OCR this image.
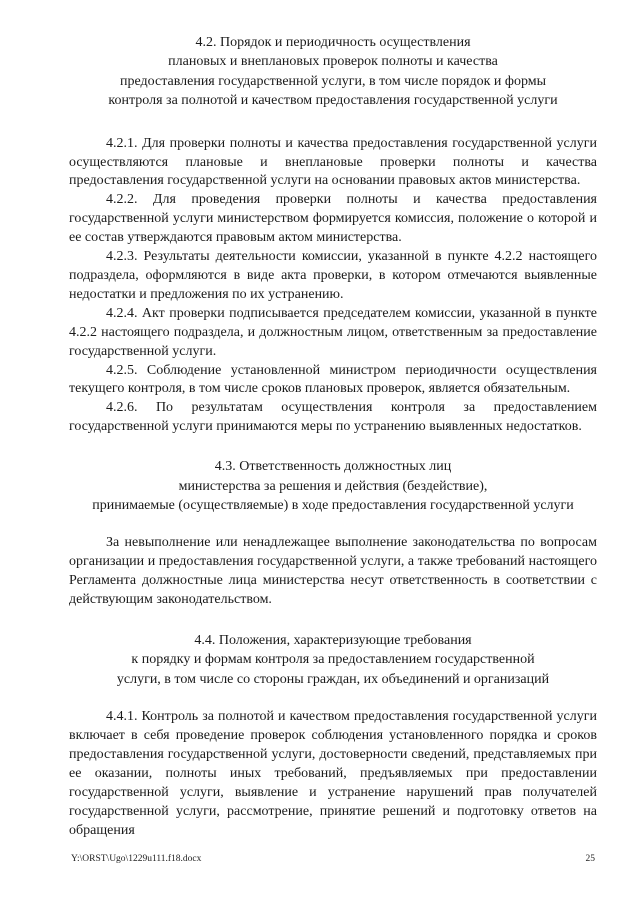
4.2. Порядок и периодичность осуществления

плановых и внеплановых проверок полноты и качества

предоставления государственной услуги, в том числе порядок и формы

контроля за полнотой и качеством предоставления государственной услуги

4.2.1. Для проверки полноты и качества предоставления государственной услуги осуществляются плановые и внеплановые проверки полноты и качества предоставления государственной услуги на основании правовых актов министерства.

4.2.2. Для проведения проверки полноты и качества предоставления государственной услуги министерством формируется комиссия, положение о которой и ее состав утверждаются правовым актом министерства.

4.2.3. Результаты деятельности комиссии, указанной в пункте 4.2.2 настоящего подраздела, оформляются в виде акта проверки, в котором отмечаются выявленные недостатки и предложения по их устранению.

4.2.4. Акт проверки подписывается председателем комиссии, указанной в пункте 4.2.2 настоящего подраздела, и должностным лицом, ответственным за предоставление государственной услуги.

4.2.5. Соблюдение установленной министром периодичности осуществления текущего контроля, в том числе сроков плановых проверок, является обязательным.

4.2.6. По результатам осуществления контроля за предоставлением государственной услуги принимаются меры по устранению выявленных недостатков.

4.3. Ответственность должностных лиц

министерства за решения и действия (бездействие),

принимаемые (осуществляемые) в ходе предоставления государственной услуги

За невыполнение или ненадлежащее выполнение законодательства по вопросам организации и предоставления государственной услуги, а также требований настоящего Регламента должностные лица министерства несут ответственность в соответствии с действующим законодательством.

4.4. Положения, характеризующие требования

к порядку и формам контроля за предоставлением государственной

услуги, в том числе со стороны граждан, их объединений и организаций

4.4.1. Контроль за полнотой и качеством предоставления государственной услуги включает в себя проведение проверок соблюдения установленного порядка и сроков предоставления государственной услуги, достоверности сведений, представляемых при ее оказании, полноты иных требований, предъявляемых при предоставлении государственной услуги, выявление и устранение нарушений прав получателей государственной услуги, рассмотрение, принятие решений и подготовку ответов на обращения

Y:\ORST\Ugo\1229u111.f18.docx	25
